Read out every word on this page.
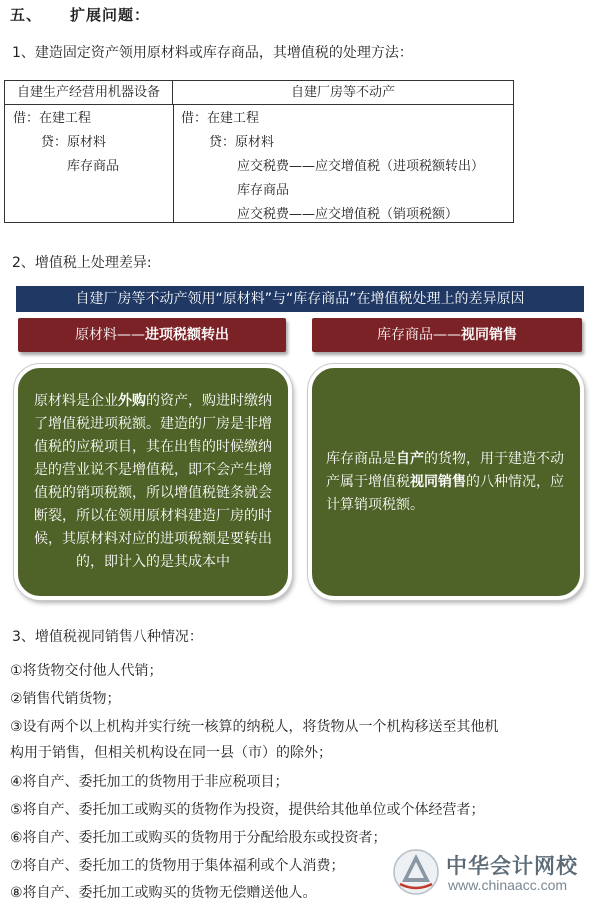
五、 扩展问题：
1、建造固定资产领用原材料或库存商品，其增值税的处理方法：
自建生产经营用机器设备	自建厂房等不动产
借：在建工程
贷：原材料
库存商品
借：在建工程
贷：原材料
应交税费——应交增值税（进项税额转出）
库存商品
应交税费——应交增值税（销项税额）
2、增值税上处理差异:
自建厂房等不动产领用“原材料”与“库存商品”在增值税处理上的差异原因
原材料——进项税额转出	库存商品——视同销售
原材料是企业外购的资产，购进时缴纳了增值税进项税额。建造的厂房是非增值税的应税项目，其在出售的时候缴纳是的营业说不是增值税，即不会产生增值税的销项税额，所以增值税链条就会断裂，所以在领用原材料建造厂房的时候，其原材料对应的进项税额是要转出的，即计入的是其成本中
库存商品是自产的货物，用于建造不动产属于增值税视同销售的八种情况，应计算销项税额。
3、增值税视同销售八种情况：
①将货物交付他人代销；
②销售代销货物；
③设有两个以上机构并实行统一核算的纳税人，将货物从一个机构移送至其他机
构用于销售，但相关机构设在同一县（市）的除外；
④将自产、委托加工的货物用于非应税项目；
⑤将自产、委托加工或购买的货物作为投资，提供给其他单位或个体经营者；
⑥将自产、委托加工或购买的货物用于分配给股东或投资者；
⑦将自产、委托加工的货物用于集体福利或个人消费；
⑧将自产、委托加工或购买的货物无偿赠送他人。
中华会计网校
www.chinaacc.com
